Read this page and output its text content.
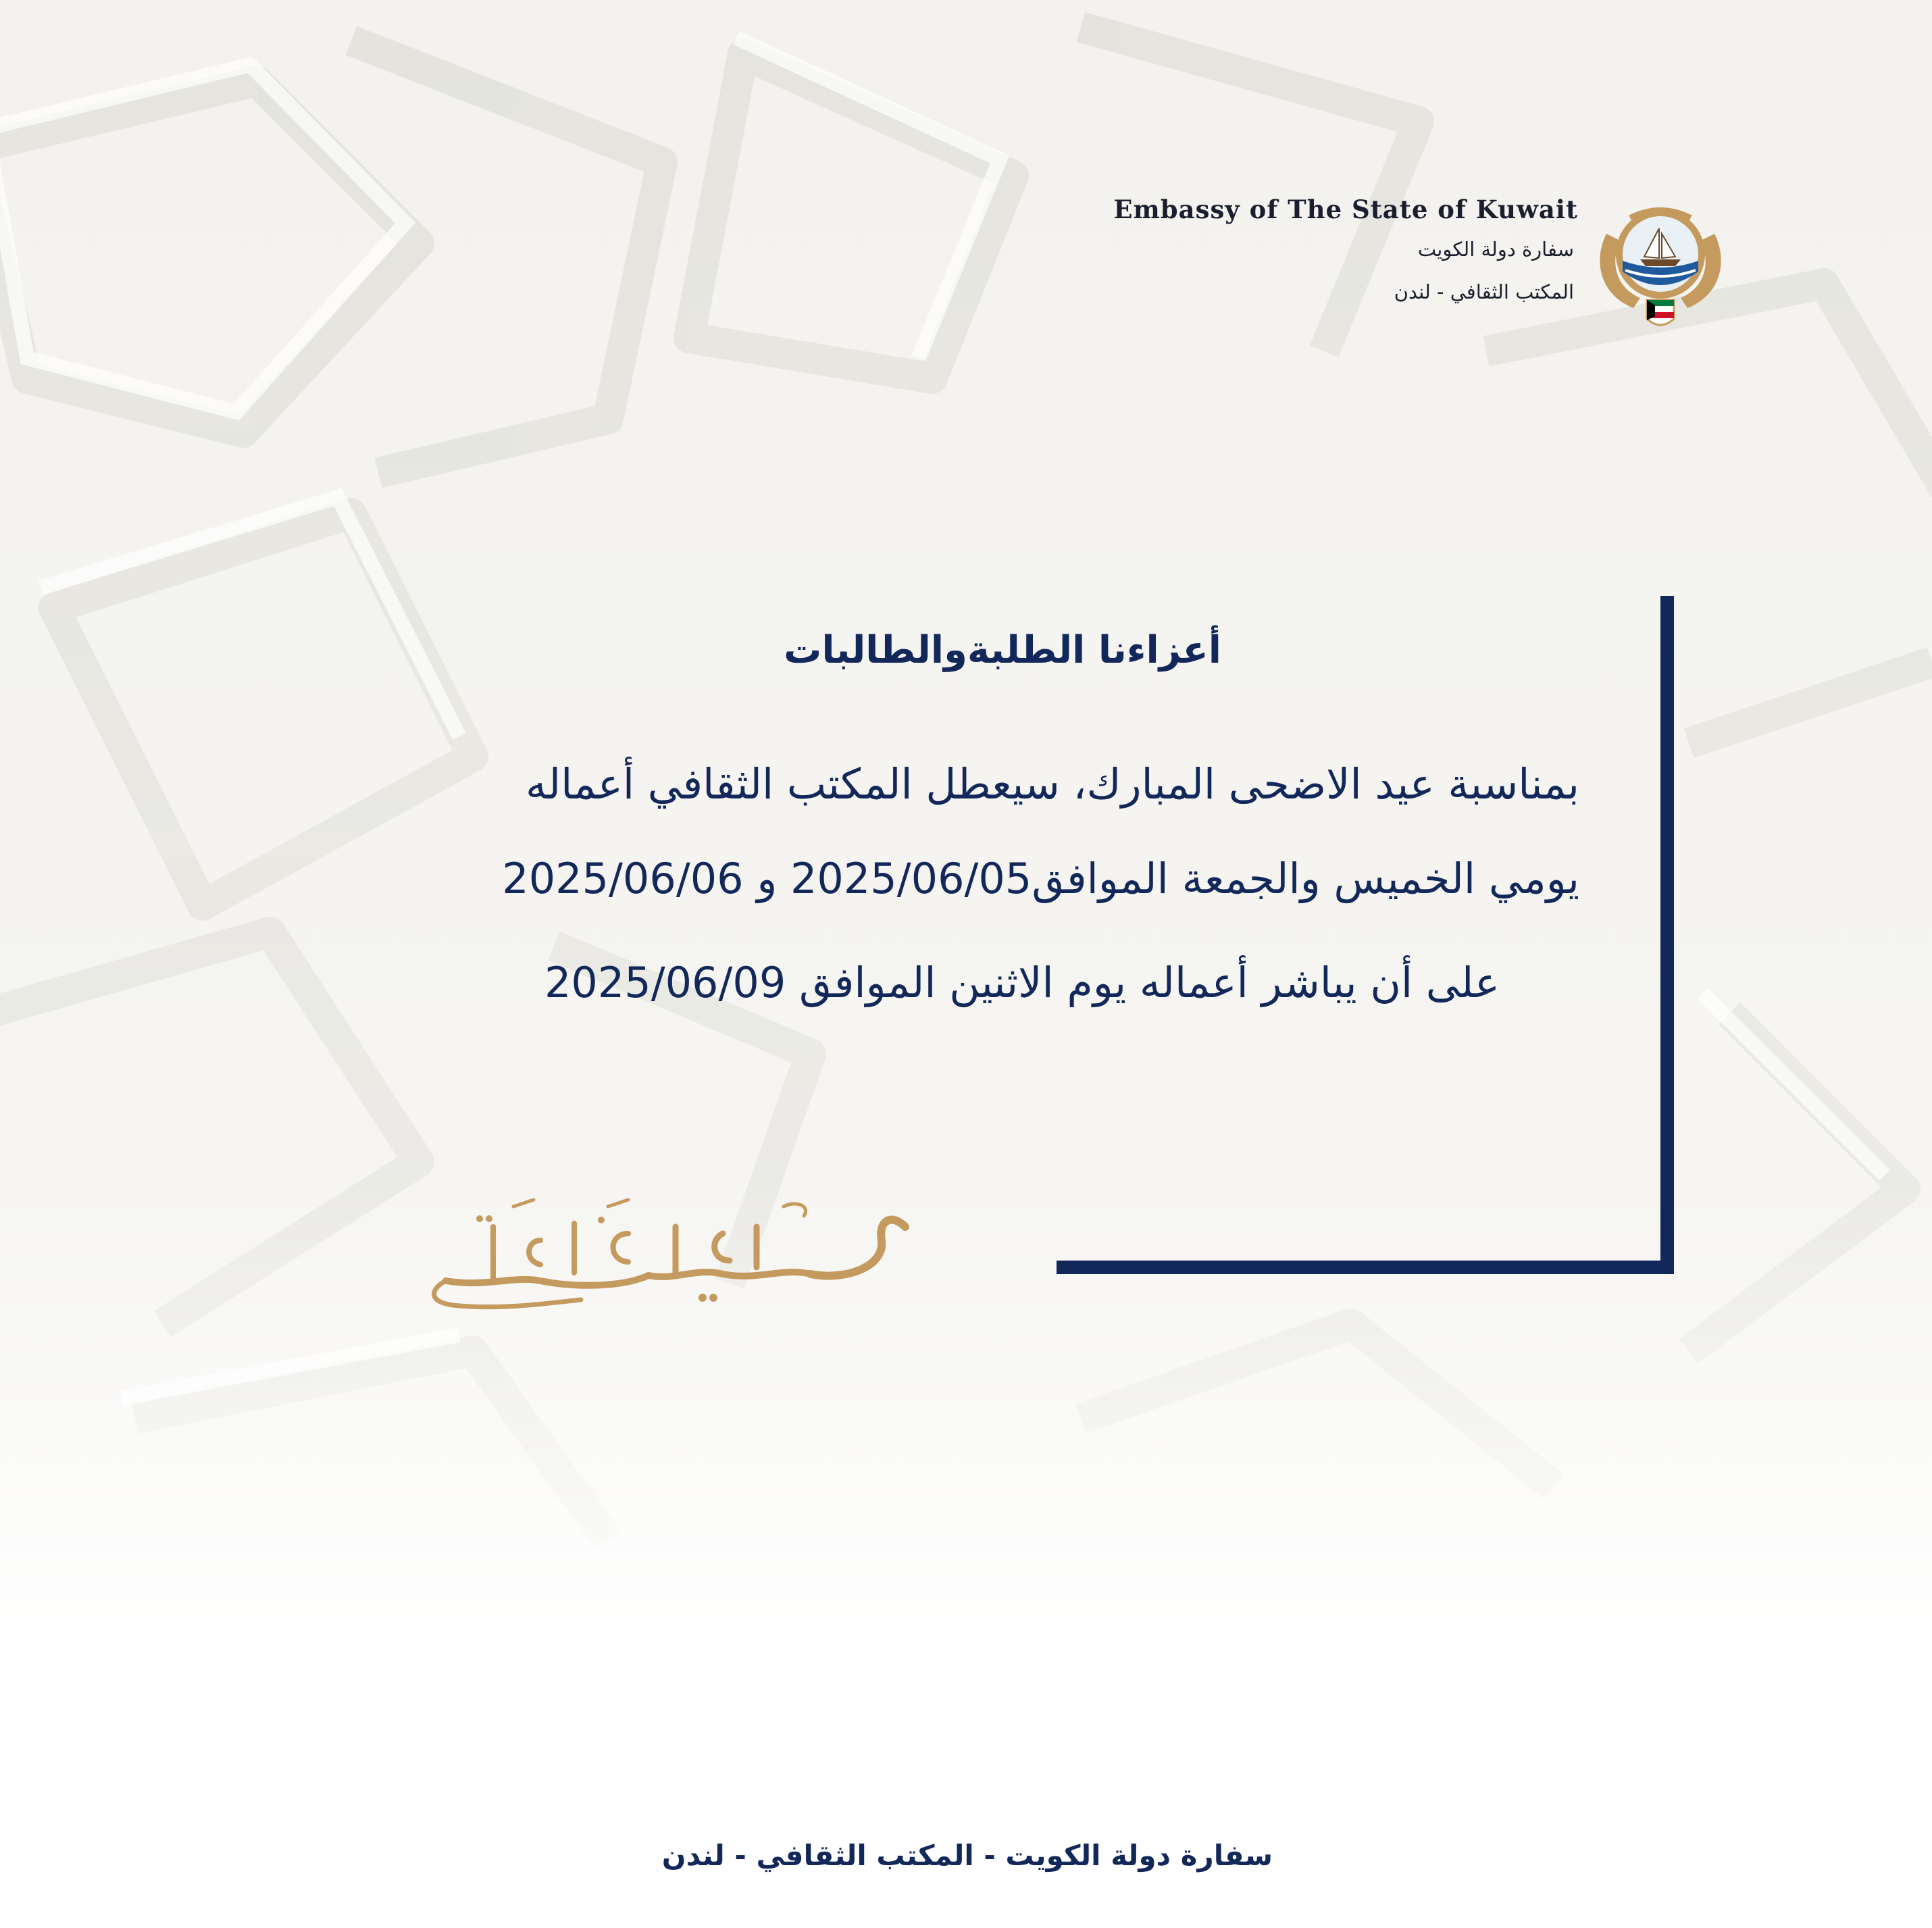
Embassy of The State of Kuwait
سفارة دولة الكويت
المكتب الثقافي - لندن
أعزاءنا الطلبةوالطالبات
بمناسبة عيد الاضحى المبارك، سيعطل المكتب الثقافي أعماله
يومي الخميس والجمعة الموافق2025/06/05 و 2025/06/06
على أن يباشر أعماله يوم الاثنين الموافق 2025/06/09
سفارة دولة الكويت - المكتب الثقافي - لندن
